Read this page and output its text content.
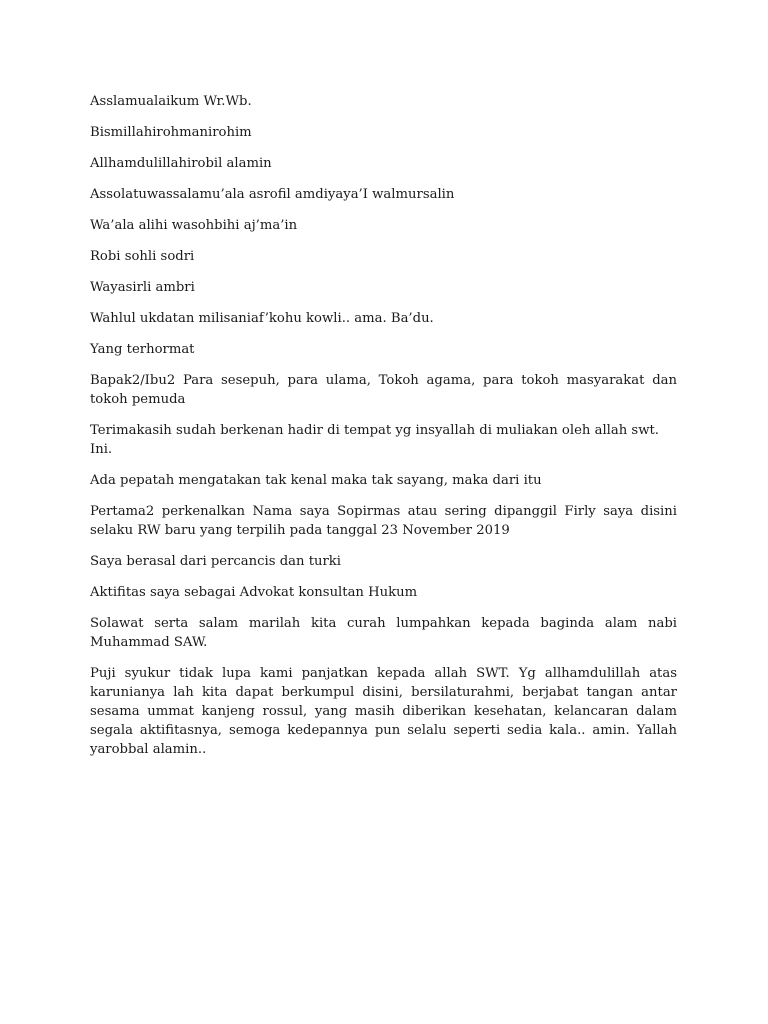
Asslamualaikum Wr.Wb.

Bismillahirohmanirohim

Allhamdulillahirobil alamin

Assolatuwassalamu’ala asrofil amdiyaya’I walmursalin

Wa’ala alihi wasohbihi aj’ma’in

Robi sohli sodri

Wayasirli ambri

Wahlul ukdatan milisaniaf’kohu kowli.. ama. Ba’du.

Yang terhormat

Bapak2/Ibu2 Para sesepuh, para ulama, Tokoh agama, para tokoh masyarakat dan tokoh pemuda

Terimakasih sudah berkenan hadir di tempat yg insyallah di muliakan oleh allah swt. Ini.

Ada pepatah mengatakan tak kenal maka tak sayang, maka dari itu

Pertama2 perkenalkan Nama saya Sopirmas atau sering dipanggil Firly saya disini selaku RW baru yang terpilih pada tanggal 23 November 2019

Saya berasal dari percancis dan turki

Aktifitas saya sebagai Advokat konsultan Hukum

Solawat serta salam marilah kita curah lumpahkan kepada baginda alam nabi Muhammad SAW.

Puji syukur tidak lupa kami panjatkan kepada allah SWT. Yg allhamdulillah atas karunianya lah kita dapat berkumpul disini, bersilaturahmi, berjabat tangan antar sesama ummat kanjeng rossul, yang masih diberikan kesehatan, kelancaran dalam segala aktifitasnya, semoga kedepannya pun selalu seperti sedia kala.. amin. Yallah yarobbal alamin..
